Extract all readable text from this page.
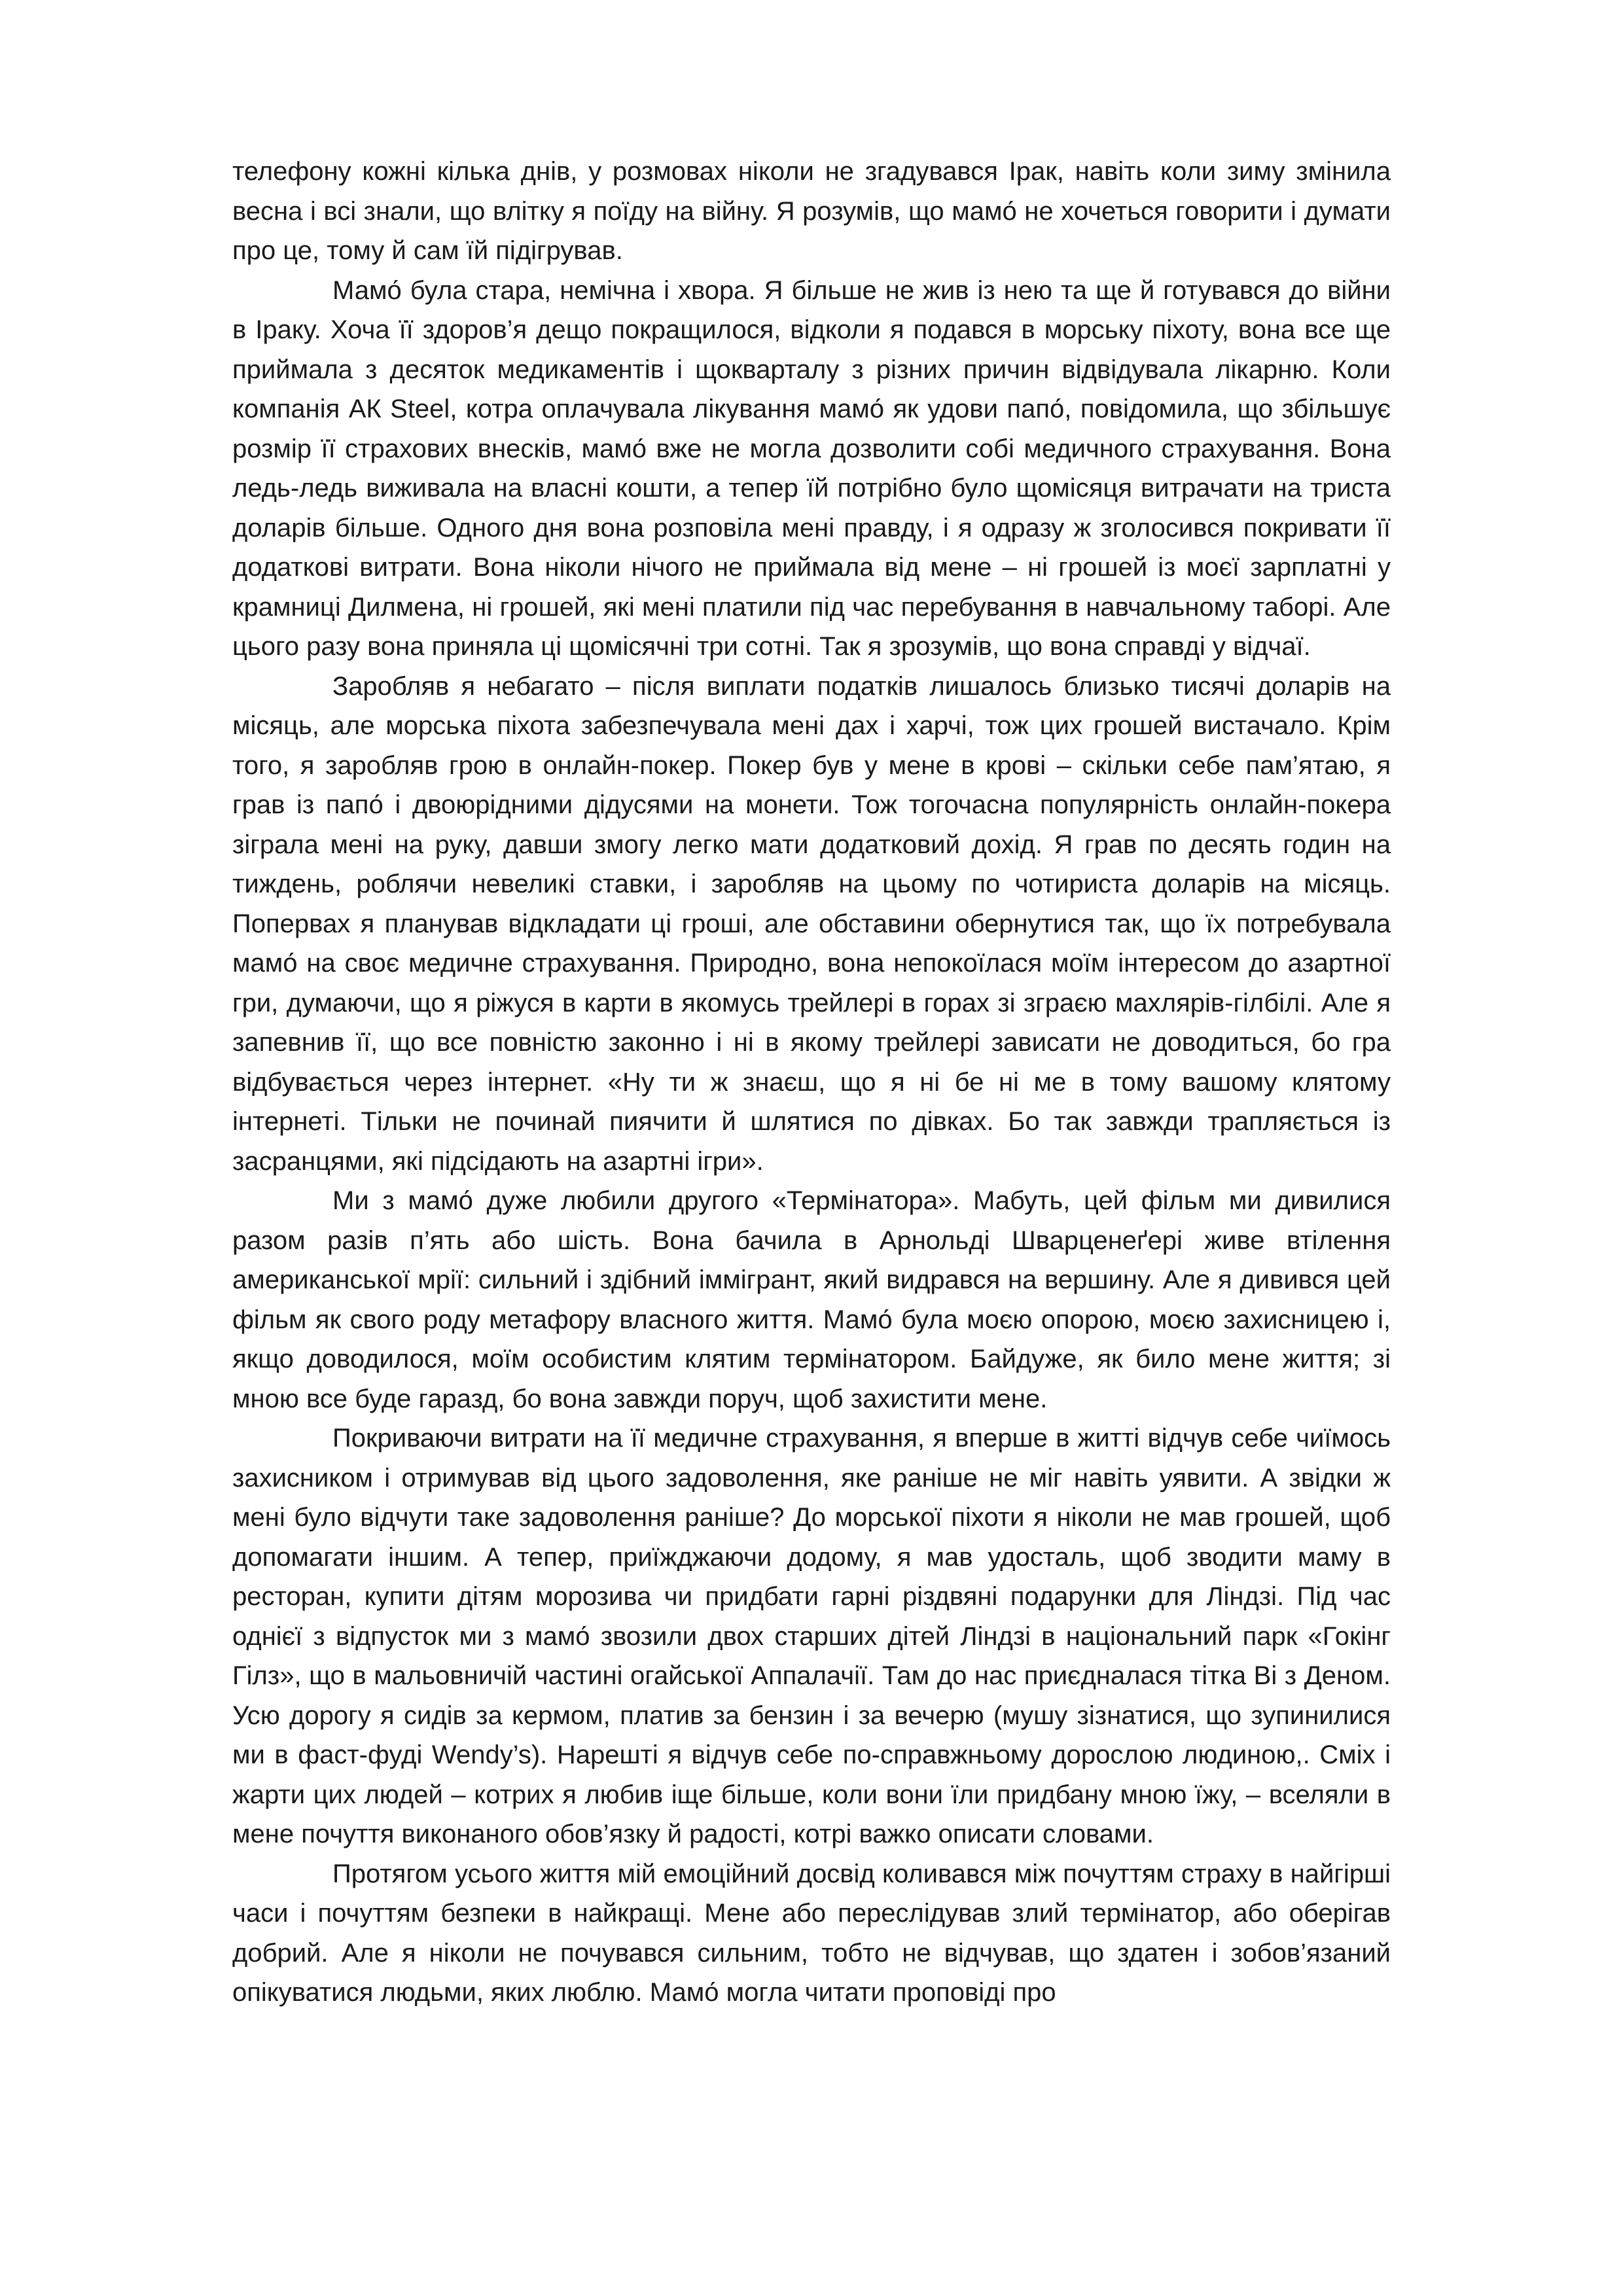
телефону кожні кілька днів, у розмовах ніколи не згадувався Ірак, навіть коли зиму змінила весна і всі знали, що влітку я поїду на війну. Я розумів, що мамо́ не хочеться говорити і думати про це, тому й сам їй підігрував.

Мамо́ була стара, немічна і хвора. Я більше не жив із нею та ще й готувався до війни в Іраку. Хоча її здоров’я дещо покращилося, відколи я подався в морську піхоту, вона все ще приймала з десяток медикаментів і щокварталу з різних причин відвідувала лікарню. Коли компанія АК Steel, котра оплачувала лікування мамо́ як удови папо́, повідомила, що збільшує розмір її страхових внесків, мамо́ вже не могла дозволити собі медичного страхування. Вона ледь-ледь виживала на власні кошти, а тепер їй потрібно було щомісяця витрачати на триста доларів більше. Одного дня вона розповіла мені правду, і я одразу ж зголосився покривати її додаткові витрати. Вона ніколи нічого не приймала від мене – ні грошей із моєї зарплатні у крамниці Дилмена, ні грошей, які мені платили під час перебування в навчальному таборі. Але цього разу вона приняла ці щомісячні три сотні. Так я зрозумів, що вона справді у відчаї.

Заробляв я небагато – після виплати податків лишалось близько тисячі доларів на місяць, але морська піхота забезпечувала мені дах і харчі, тож цих грошей вистачало. Крім того, я заробляв грою в онлайн-покер. Покер був у мене в крові – скільки себе пам’ятаю, я грав із папо́ і двоюрідними дідусями на монети. Тож тогочасна популярність онлайн-покера зіграла мені на руку, давши змогу легко мати додатковий дохід. Я грав по десять годин на тиждень, роблячи невеликі ставки, і заробляв на цьому по чотириста доларів на місяць. Попервах я планував відкладати ці гроші, але обставини обернутися так, що їх потребувала мамо́ на своє медичне страхування. Природно, вона непокоїлася моїм інтересом до азартної гри, думаючи, що я ріжуся в карти в якомусь трейлері в горах зі зграєю махлярів-гілбілі. Але я запевнив її, що все повністю законно і ні в якому трейлері зависати не доводиться, бо гра відбувається через інтернет. «Ну ти ж знаєш, що я ні бе ні ме в тому вашому клятому інтернеті. Тільки не починай пиячити й шлятися по дівках. Бо так завжди трапляється із засранцями, які підсідають на азартні ігри».

Ми з мамо́ дуже любили другого «Термінатора». Мабуть, цей фільм ми дивилися разом разів п’ять або шість. Вона бачила в Арнольді Шварценеґері живе втілення американської мрії: сильний і здібний іммігрант, який видрався на вершину. Але я дивився цей фільм як свого роду метафору власного життя. Мамо́ була моєю опорою, моєю захисницею і, якщо доводилося, моїм особистим клятим термінатором. Байдуже, як било мене життя; зі мною все буде гаразд, бо вона завжди поруч, щоб захистити мене.

Покриваючи витрати на її медичне страхування, я вперше в житті відчув себе чиїмось захисником і отримував від цього задоволення, яке раніше не міг навіть уявити. А звідки ж мені було відчути таке задоволення раніше? До морської піхоти я ніколи не мав грошей, щоб допомагати іншим. А тепер, приїжджаючи додому, я мав удосталь, щоб зводити маму в ресторан, купити дітям морозива чи придбати гарні різдвяні подарунки для Ліндзі. Під час однієї з відпусток ми з мамо́ звозили двох старших дітей Ліндзі в національний парк «Гокінг Гілз», що в мальовничій частині огайської Аппалачії. Там до нас приєдналася тітка Ві з Деном. Усю дорогу я сидів за кермом, платив за бензин і за вечерю (мушу зізнатися, що зупинилися ми в фаст-фуді Wendy’s). Нарешті я відчув себе по-справжньому дорослою людиною,. Сміх і жарти цих людей – котрих я любив іще більше, коли вони їли придбану мною їжу, – вселяли в мене почуття виконаного обов’язку й радості, котрі важко описати словами.

Протягом усього життя мій емоційний досвід коливався між почуттям страху в найгірші часи і почуттям безпеки в найкращі. Мене або переслідував злий термінатор, або оберігав добрий. Але я ніколи не почувався сильним, тобто не відчував, що здатен і зобов’язаний опікуватися людьми, яких люблю. Мамо́ могла читати проповіді про
